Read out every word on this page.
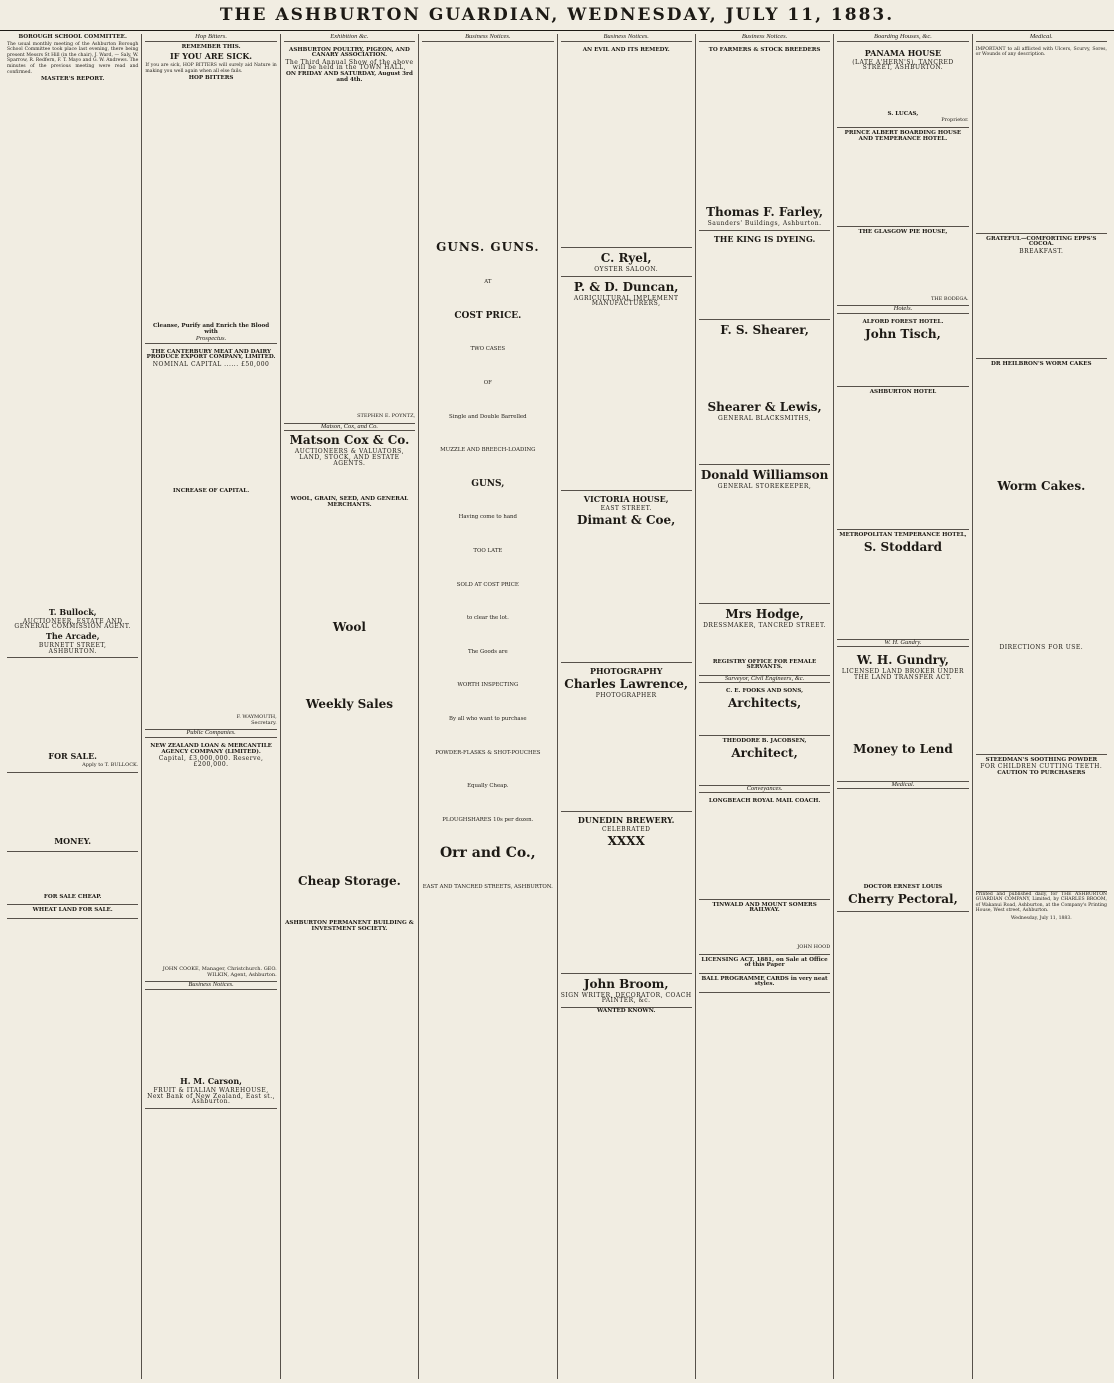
THE ASHBURTON GUARDIAN, WEDNESDAY, JULY 11, 1883.
BOROUGH SCHOOL COMMITTEE.

The usual monthly meeting of the Ashburton Borough School Committee took place last evening, there being present Messrs St Hill (in the chair), J. Ward, — Saly, W. Sparrow, R. Redfern, F. T. Mayo and G. W. Andrews. The minutes of the previous meeting were read and confirmed.

MASTER'S REPORT.
T. Bullock,
AUCTIONEER, ESTATE AND GENERAL COMMISSION AGENT.
The Arcade,
BURNETT STREET,
ASHBURTON.
FOR SALE.
Apply to T. BULLOCK.
MONEY.
FOR SALE CHEAP.
WHEAT LAND FOR SALE.
Hop Bitters.
REMEMBER THIS.
IF YOU ARE SICK.

If you are sick, HOP BITTERS will surely aid Nature in making you well again when all else fails.

HOP BITTERS
Cleanse, Purify and Enrich the Blood with
Prospectus.
THE CANTERBURY MEAT AND DAIRY PRODUCE EXPORT COMPANY, LIMITED.
NOMINAL CAPITAL ...... £50,000
INCREASE OF CAPITAL.
F. WAYMOUTH,
Secretary.
Public Companies.
NEW ZEALAND LOAN & MERCANTILE AGENCY COMPANY (LIMITED).
Capital, £3,000,000. Reserve, £200,000.
JOHN COOKE, Manager, Christchurch. GEO. WILKIN, Agent, Ashburton.
Business Notices.
H. M. Carson,
FRUIT & ITALIAN WAREHOUSE,
Next Bank of New Zealand, East st., Ashburton.
Exhibition &c.
ASHBURTON POULTRY, PIGEON, AND CANARY ASSOCIATION.
The Third Annual Show of the above will be held in the TOWN HALL,
ON FRIDAY AND SATURDAY, August 3rd and 4th.
STEPHEN E. POYNTZ,
Matson, Cox, and Co.
Matson Cox & Co.
AUCTIONEERS & VALUATORS, LAND, STOCK, AND ESTATE AGENTS.
WOOL, GRAIN, SEED, AND GENERAL MERCHANTS.
Wool
Weekly Sales
Cheap Storage.
ASHBURTON PERMANENT BUILDING & INVESTMENT SOCIETY.
Business Notices.
GUNS. GUNS.
AT
COST PRICE.
TWO CASES
OF
Single and Double Barrelled
MUZZLE AND BREECH-LOADING
GUNS,
Having come to hand
TOO LATE
SOLD AT COST PRICE
to clear the lot.
The Goods are
WORTH INSPECTING
By all who want to purchase
POWDER-FLASKS & SHOT-POUCHES
Equally Cheap.
PLOUGHSHARES 10s per dozen.
Orr and Co.,
EAST AND TANCRED STREETS, ASHBURTON.
Business Notices.
AN EVIL AND ITS REMEDY.
C. Ryel,
OYSTER SALOON.
P. & D. Duncan,
AGRICULTURAL IMPLEMENT MANUFACTURERS,
VICTORIA HOUSE,
EAST STREET.
Dimant & Coe,
PHOTOGRAPHY
Charles Lawrence,
PHOTOGRAPHER
DUNEDIN BREWERY.
CELEBRATED
XXXX
John Broom,
SIGN WRITER, DECORATOR, COACH PAINTER, &c.
WANTED KNOWN.
Business Notices.
TO FARMERS & STOCK BREEDERS
Thomas F. Farley,
Saunders' Buildings, Ashburton.
THE KING IS DYEING.
F. S. Shearer,
Shearer & Lewis,
GENERAL BLACKSMITHS,
Donald Williamson
GENERAL STOREKEEPER,
Mrs Hodge,
DRESSMAKER, TANCRED STREET.
REGISTRY OFFICE FOR FEMALE SERVANTS.
Surveyor, Civil Engineers, &c.
C. E. FOOKS AND SONS,
Architects,
THEODORE B. JACOBSEN,
Architect,
Conveyances.
LONGBEACH ROYAL MAIL COACH.
TINWALD AND MOUNT SOMERS RAILWAY.
JOHN HOOD
LICENSING ACT, 1881, on Sale at Office of this Paper
BALL PROGRAMME CARDS in very neat styles.
Boarding Houses, &c.
PANAMA HOUSE
(LATE A'HERN'S), TANCRED STREET, ASHBURTON.
S. LUCAS,
Proprietor.
PRINCE ALBERT BOARDING HOUSE AND TEMPERANCE HOTEL.
THE GLASGOW PIE HOUSE,
THE BODEGA.
Hotels.
ALFORD FOREST HOTEL.
John Tisch,
ASHBURTON HOTEL
METROPOLITAN TEMPERANCE HOTEL,
S. Stoddard
W. H. Gundry.
W. H. Gundry,
LICENSED LAND BROKER UNDER THE LAND TRANSFER ACT.
Money to Lend
Medical.
DOCTOR ERNEST LOUIS
Cherry Pectoral,
Medical.

IMPORTANT to all afflicted with Ulcers, Scurvy, Sores, or Wounds of any description.

GRATEFUL—COMFORTING EPPS'S COCOA.
BREAKFAST.
DR HEILBRON'S WORM CAKES
Worm Cakes.
DIRECTIONS FOR USE.
STEEDMAN'S SOOTHING POWDER
FOR CHILDREN CUTTING TEETH.
CAUTION TO PURCHASERS

Printed and published daily, for THE ASHBURTON GUARDIAN COMPANY, Limited, by CHARLES BROOM, of Wakanui Road, Ashburton, at the Company's Printing House, West street, Ashburton.

Wednesday, July 11, 1883.
